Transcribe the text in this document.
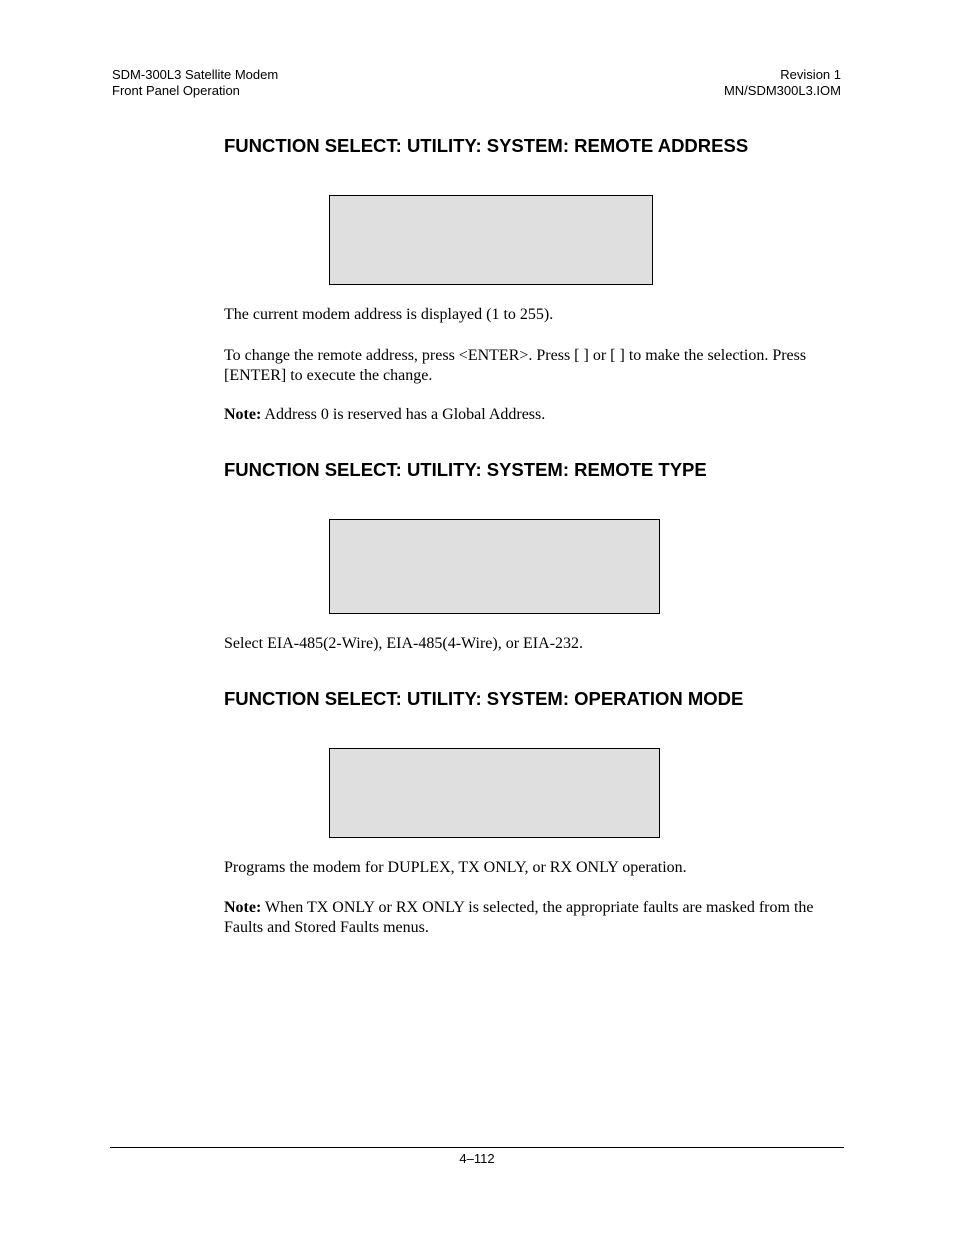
SDM-300L3 Satellite Modem
Front Panel Operation
Revision 1
MN/SDM300L3.IOM
FUNCTION SELECT: UTILITY: SYSTEM: REMOTE ADDRESS
The current modem address is displayed (1 to 255).
To change the remote address, press <ENTER>. Press [ ] or [ ] to make the selection. Press [ENTER] to execute the change.
Note: Address 0 is reserved has a Global Address.
FUNCTION SELECT: UTILITY: SYSTEM: REMOTE TYPE
Select EIA-485(2-Wire), EIA-485(4-Wire), or EIA-232.
FUNCTION SELECT: UTILITY: SYSTEM: OPERATION MODE
Programs the modem for DUPLEX, TX ONLY, or RX ONLY operation.
Note: When TX ONLY or RX ONLY is selected, the appropriate faults are masked from the Faults and Stored Faults menus.
4–112
